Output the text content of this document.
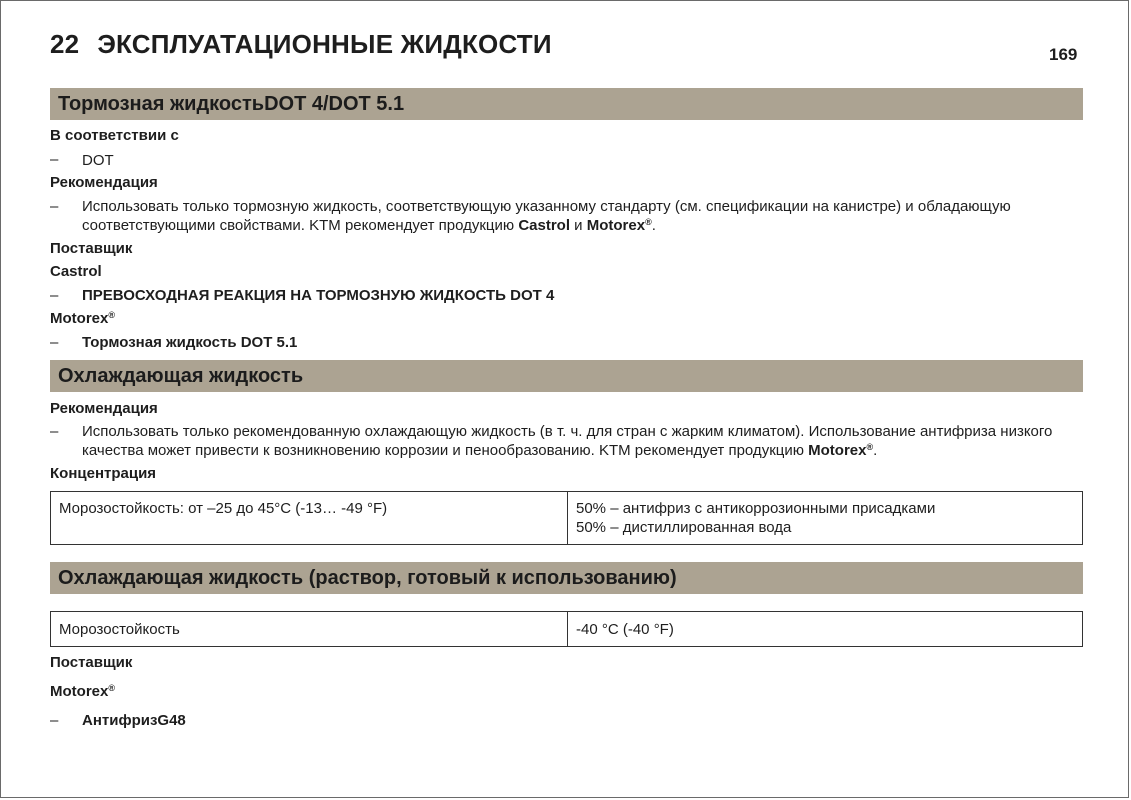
22 ЭКСПЛУАТАЦИОННЫЕ ЖИДКОСТИ	169
Тормозная жидкостьDOT 4/DOT 5.1
В соответствии с
– DOT
Рекомендация
– Использовать только тормозную жидкость, соответствующую указанному стандарту (см. спецификации на канистре) и обладающую соответствующими свойствами. KTM рекомендует продукцию Castrol и Motorex®.
Поставщик
Castrol
– ПРЕВОСХОДНАЯ РЕАКЦИЯ НА ТОРМОЗНУЮ ЖИДКОСТЬ DOT 4
Motorex®
– Тормозная жидкость DOT 5.1
Охлаждающая жидкость
Рекомендация
– Использовать только рекомендованную охлаждающую жидкость (в т. ч. для стран с жарким климатом). Использование антифриза низкого качества может привести к возникновению коррозии и пенообразованию. KTM рекомендует продукцию Motorex®.
Концентрация
Морозостойкость: от –25 до 45°C (-13… -49 °F)	50% – антифриз с антикоррозионными присадками
50% – дистиллированная вода
Охлаждающая жидкость (раствор, готовый к использованию)
Морозостойкость	-40 °C (-40 °F)
Поставщик
Motorex®
– АнтифризG48
